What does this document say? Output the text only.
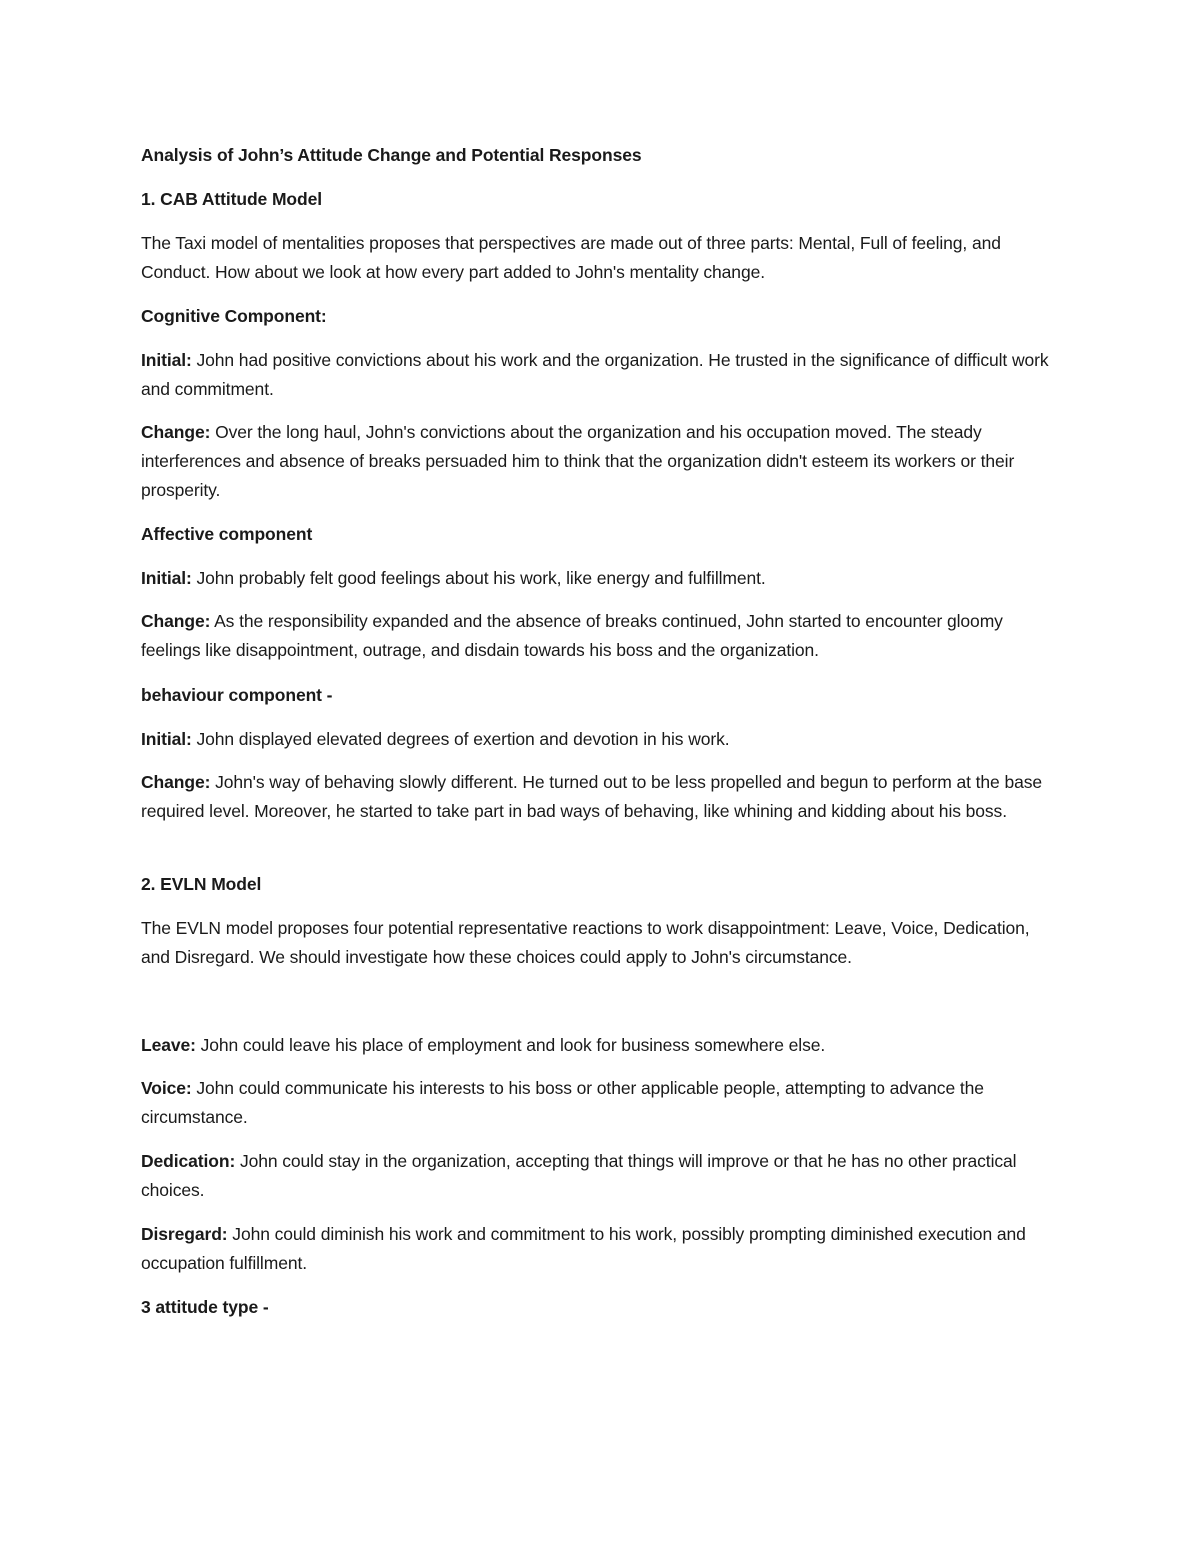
Analysis of John’s Attitude Change and Potential Responses

1. CAB Attitude Model

The Taxi model of mentalities proposes that perspectives are made out of three parts: Mental, Full of feeling, and Conduct. How about we look at how every part added to John's mentality change.

Cognitive Component:

Initial: John had positive convictions about his work and the organization. He trusted in the significance of difficult work and commitment.

Change: Over the long haul, John's convictions about the organization and his occupation moved. The steady interferences and absence of breaks persuaded him to think that the organization didn't esteem its workers or their prosperity.

Affective component

Initial: John probably felt good feelings about his work, like energy and fulfillment.

Change: As the responsibility expanded and the absence of breaks continued, John started to encounter gloomy feelings like disappointment, outrage, and disdain towards his boss and the organization.

behaviour component -

Initial: John displayed elevated degrees of exertion and devotion in his work.

Change: John's way of behaving slowly different. He turned out to be less propelled and begun to perform at the base required level. Moreover, he started to take part in bad ways of behaving, like whining and kidding about his boss.

2. EVLN Model

The EVLN model proposes four potential representative reactions to work disappointment: Leave, Voice, Dedication, and Disregard. We should investigate how these choices could apply to John's circumstance.

Leave: John could leave his place of employment and look for business somewhere else.

Voice: John could communicate his interests to his boss or other applicable people, attempting to advance the circumstance.

Dedication: John could stay in the organization, accepting that things will improve or that he has no other practical choices.

Disregard: John could diminish his work and commitment to his work, possibly prompting diminished execution and occupation fulfillment.

3 attitude type -
